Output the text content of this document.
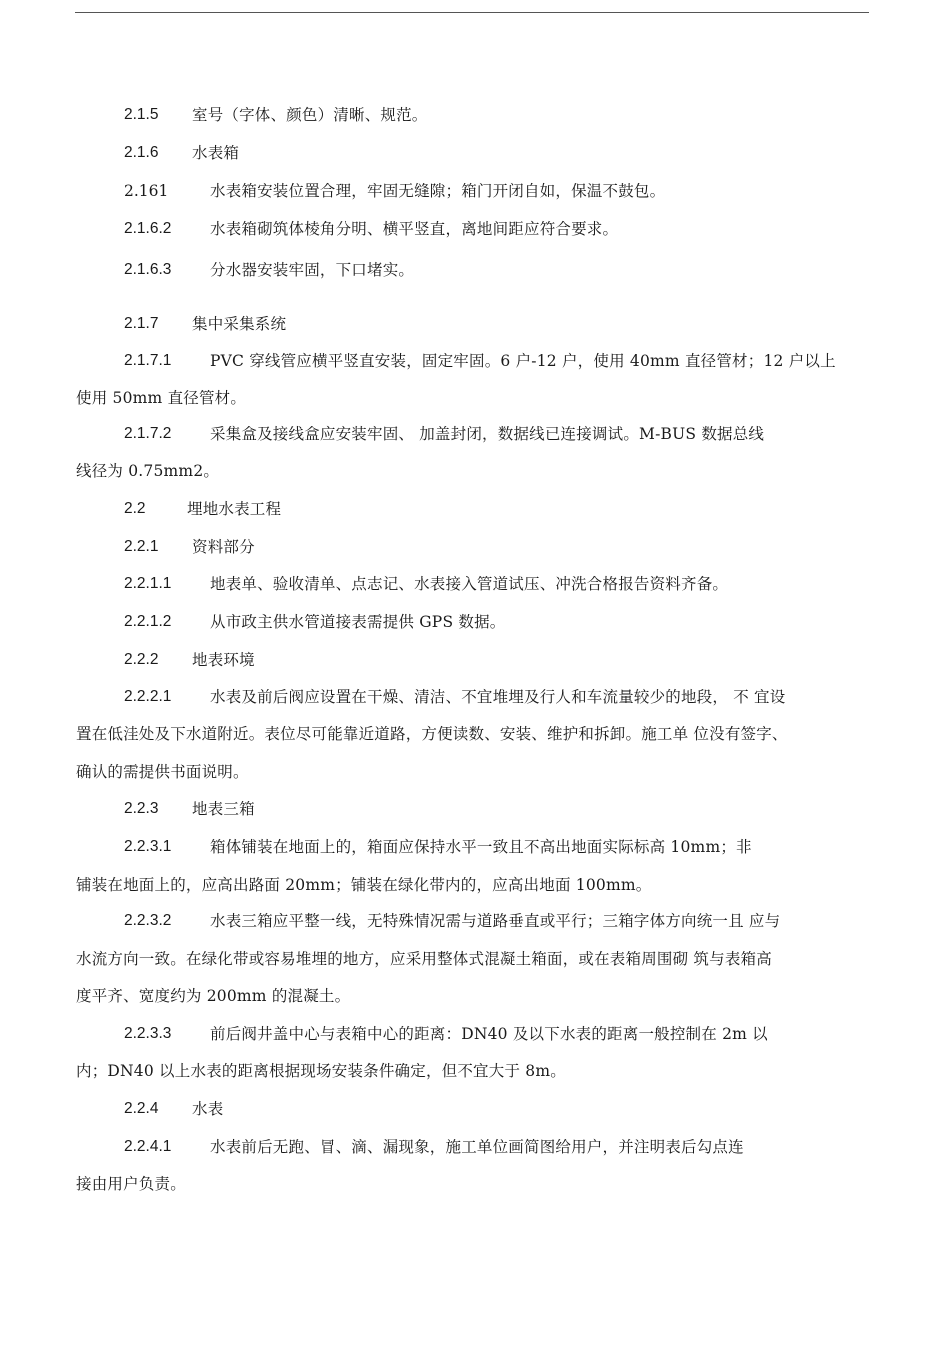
2.1.5 室号（字体、颜色）清晰、规范。
2.1.6 水表箱
2.161	水表箱安装位置合理，牢固无缝隙；箱门开闭自如，保温不鼓包。
2.1.6.2 水表箱砌筑体棱角分明、横平竖直，离地间距应符合要求。
2.1.6.3 分水器安装牢固，下口堵实。
2.1.7 集中采集系统
2.1.7.1 PVC 穿线管应横平竖直安装，固定牢固。6 户-12 户，使用 40mm 直径管材；12 户以上
使用 50mm 直径管材。
2.1.7.2 采集盒及接线盒应安装牢固、 加盖封闭，数据线已连接调试。M-BUS 数据总线
线径为 0.75mm2。
2.2	埋地水表工程
2.2.1 资料部分
2.2.1.1 地表单、验收清单、点志记、水表接入管道试压、冲洗合格报告资料齐备。
2.2.1.2 从市政主供水管道接表需提供 GPS 数据。
2.2.2 地表环境
2.2.2.1 水表及前后阀应设置在干燥、清洁、不宜堆埋及行人和车流量较少的地段， 不 宜设
置在低洼处及下水道附近。表位尽可能靠近道路，方便读数、安装、维护和拆卸。施工单 位没有签字、
确认的需提供书面说明。
2.2.3 地表三箱
2.2.3.1 箱体铺装在地面上的，箱面应保持水平一致且不高出地面实际标高 10mm；非
铺装在地面上的，应高出路面 20mm；铺装在绿化带内的，应高出地面 100mm。
2.2.3.2 水表三箱应平整一线，无特殊情况需与道路垂直或平行；三箱字体方向统一且 应与
水流方向一致。在绿化带或容易堆埋的地方，应采用整体式混凝土箱面，或在表箱周围砌 筑与表箱高
度平齐、宽度约为 200mm 的混凝土。
2.2.3.3 前后阀井盖中心与表箱中心的距离：DN40 及以下水表的距离一般控制在 2m 以
内；DN40 以上水表的距离根据现场安装条件确定，但不宜大于 8m。
2.2.4 水表
2.2.4.1 水表前后无跑、冒、滴、漏现象，施工单位画简图给用户，并注明表后勾点连
接由用户负责。
